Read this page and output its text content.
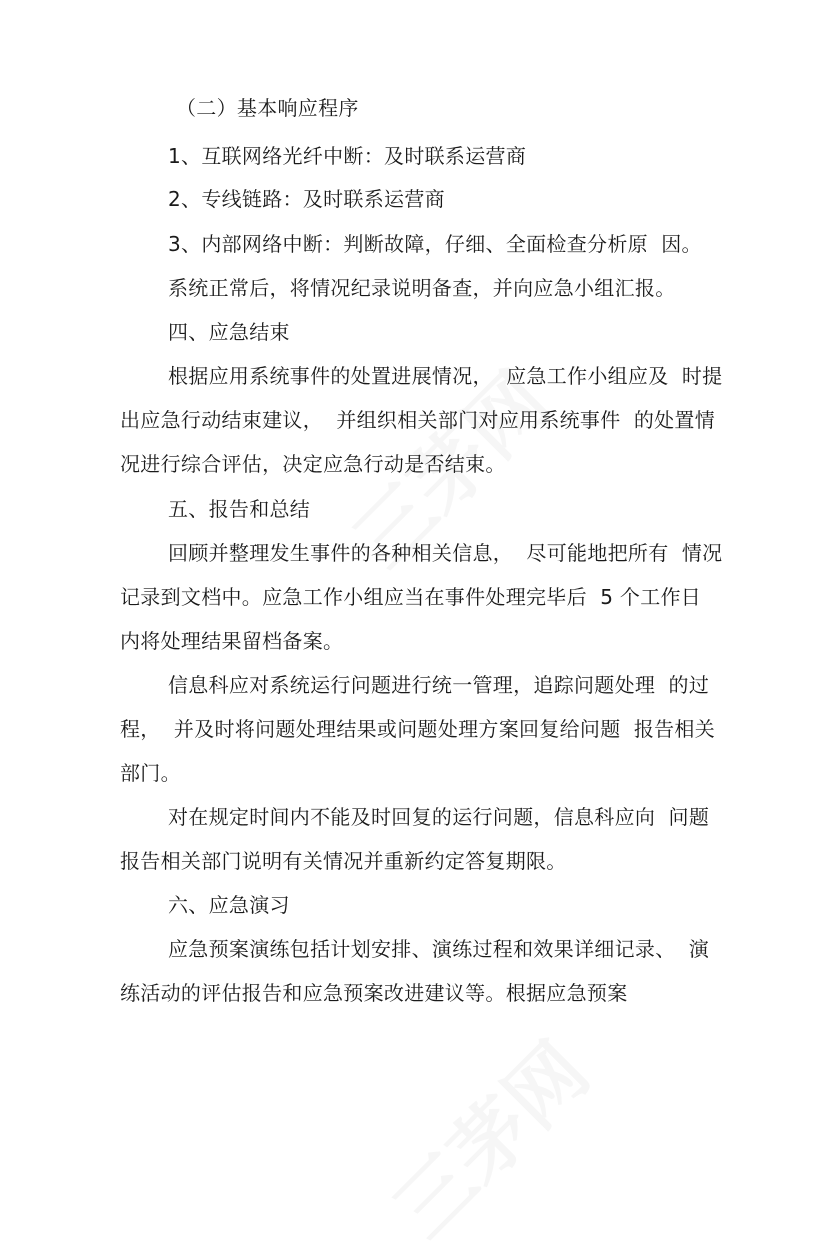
（二）基本响应程序
1、互联网络光纤中断：及时联系运营商
2、专线链路：及时联系运营商
3、内部网络中断：判断故障，仔细、全面检查分析原  因。
系统正常后，将情况纪录说明备查，并向应急小组汇报。
四、应急结束
根据应用系统事件的处置进展情况，  应急工作小组应及  时提
出应急行动结束建议，  并组织相关部门对应用系统事件  的处置情
况进行综合评估，决定应急行动是否结束。
五、报告和总结
回顾并整理发生事件的各种相关信息，  尽可能地把所有  情况
记录到文档中。应急工作小组应当在事件处理完毕后  5 个工作日
内将处理结果留档备案。
信息科应对系统运行问题进行统一管理，追踪问题处理  的过
程，  并及时将问题处理结果或问题处理方案回复给问题  报告相关
部门。
对在规定时间内不能及时回复的运行问题，信息科应向  问题
报告相关部门说明有关情况并重新约定答复期限。
六、应急演习
应急预案演练包括计划安排、演练过程和效果详细记录、  演
练活动的评估报告和应急预案改进建议等。根据应急预案
